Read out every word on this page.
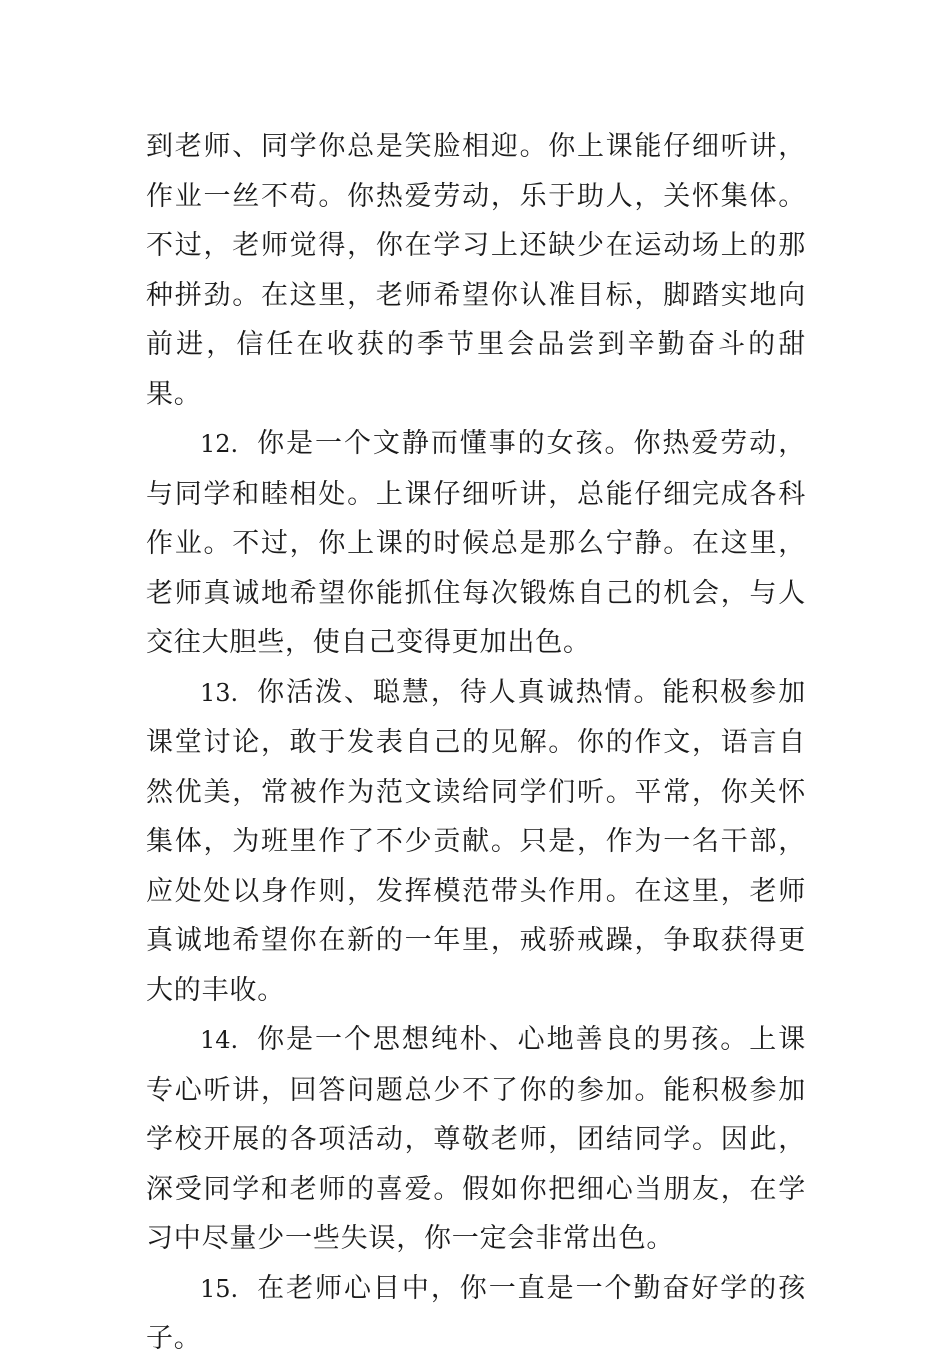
到老师、同学你总是笑脸相迎。你上课能仔细听讲，作业一丝不苟。你热爱劳动，乐于助人，关怀集体。不过，老师觉得，你在学习上还缺少在运动场上的那种拼劲。在这里，老师希望你认准目标，脚踏实地向前进，信任在收获的季节里会品尝到辛勤奋斗的甜果。

12. 你是一个文静而懂事的女孩。你热爱劳动，与同学和睦相处。上课仔细听讲，总能仔细完成各科作业。不过，你上课的时候总是那么宁静。在这里，老师真诚地希望你能抓住每次锻炼自己的机会，与人交往大胆些，使自己变得更加出色。

13. 你活泼、聪慧，待人真诚热情。能积极参加课堂讨论，敢于发表自己的见解。你的作文，语言自然优美，常被作为范文读给同学们听。平常，你关怀集体，为班里作了不少贡献。只是，作为一名干部，应处处以身作则，发挥模范带头作用。在这里，老师真诚地希望你在新的一年里，戒骄戒躁，争取获得更大的丰收。

14. 你是一个思想纯朴、心地善良的男孩。上课专心听讲，回答问题总少不了你的参加。能积极参加学校开展的各项活动，尊敬老师，团结同学。因此，深受同学和老师的喜爱。假如你把细心当朋友，在学习中尽量少一些失误，你一定会非常出色。

15. 在老师心目中，你一直是一个勤奋好学的孩子。
